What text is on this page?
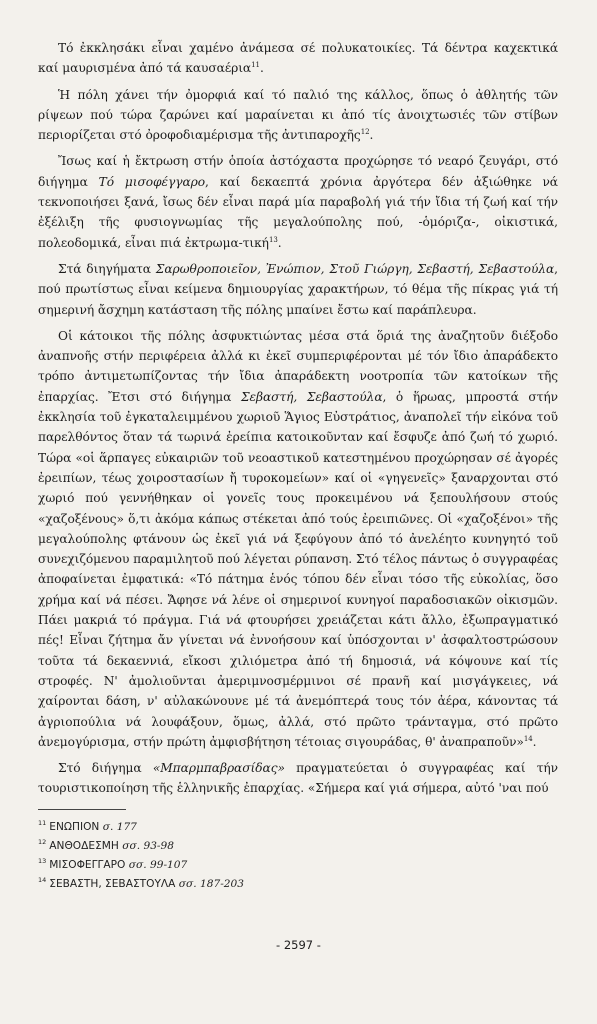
Τό ἐκκλησάκι εἶναι χαμένο ἀνάμεσα σέ πολυκατοικίες. Τά δέντρα καχεκτικά καί μαυρισμένα ἀπό τά καυσαέρια$^{11}$.

Ἡ πόλη χάνει τήν ὀμορφιά καί τό παλιό της κάλλος, ὅπως ὁ ἀθλητής τῶν ρίψεων πού τώρα ζαρώνει καί μαραίνεται κι ἀπό τίς ἀνοιχτωσιές τῶν στίβων περιορίζεται στό ὀροφοδιαμέρισμα τῆς ἀντιπαροχῆς$^{12}$.

Ἴσως καί ἡ ἔκτρωση στήν ὁποία ἀστόχαστα προχώρησε τό νεαρό ζευγάρι, στό διήγημα Τό μισοφέγγαρο, καί δεκαεπτά χρόνια ἀργότερα δέν ἀξιώθηκε νά τεκνοποιήσει ξανά, ἴσως δέν εἶναι παρά μία παραβολή γιά τήν ἴδια τή ζωή καί τήν ἐξέλιξη τῆς φυσιογνωμίας τῆς μεγαλούπολης πού, -ὁμόριζα-, οἰκιστικά, πολεοδομικά, εἶναι πιά ἐκτρωμα-τική$^{13}$.

Στά διηγήματα Σαρωθροποιεῖον, Ἐνώπιον, Στοῦ Γιώργη, Σεβαστή, Σεβαστούλα, πού πρωτίστως εἶναι κείμενα δημιουργίας χαρακτήρων, τό θέμα τῆς πίκρας γιά τή σημερινή ἄσχημη κατάσταση τῆς πόλης μπαίνει ἔστω καί παράπλευρα.

Οἱ κάτοικοι τῆς πόλης ἀσφυκτιώντας μέσα στά ὅριά της ἀναζητοῦν διέξοδο ἀναπνοῆς στήν περιφέρεια ἀλλά κι ἐκεῖ συμπεριφέρονται μέ τόν ἴδιο ἀπαράδεκτο τρόπο ἀντιμετωπίζοντας τήν ἴδια ἀπαράδεκτη νοοτροπία τῶν κατοίκων τῆς ἐπαρχίας. Ἔτσι στό διήγημα Σεβαστή, Σεβαστούλα, ὁ ἥρωας, μπροστά στήν ἐκκλησία τοῦ ἐγκαταλειμμένου χωριοῦ Ἅγιος Εὐστράτιος, ἀναπολεῖ τήν εἰκόνα τοῦ παρελθόντος ὅταν τά τωρινά ἐρείπια κατοικοῦνταν καί ἔσφυζε ἀπό ζωή τό χωριό. Τώρα «οἱ ἅρπαγες εὐκαιριῶν τοῦ νεοαστικοῦ κατεστημένου προχώρησαν σέ ἀγορές ἐρειπίων, τέως χοιροστασίων ἤ τυροκομείων» καί οἱ «γηγενεῖς» ξαναρχονται στό χωριό πού γεννήθηκαν οἱ γονεῖς τους προκειμένου νά ξεπουλήσουν στούς «χαζοξένους» ὅ,τι ἀκόμα κάπως στέκεται ἀπό τούς ἐρειπιῶνες. Οἱ «χαζοξένοι» τῆς μεγαλούπολης φτάνουν ὡς ἐκεῖ γιά νά ξεφύγουν ἀπό τό ἀνελέητο κυνηγητό τοῦ συνεχιζόμενου παραμιλητοῦ πού λέγεται ρύπανση. Στό τέλος πάντως ὁ συγγραφέας ἀποφαίνεται ἐμφατικά: «Τό πάτημα ἑνός τόπου δέν εἶναι τόσο τῆς εὐκολίας, ὅσο χρήμα καί νά πέσει. Ἄφησε νά λένε οἱ σημερινοί κυνηγοί παραδοσιακῶν οἰκισμῶν. Πάει μακριά τό πράγμα. Γιά νά φτουρήσει χρειάζεται κάτι ἄλλο, ἐξωπραγματικό πές! Εἶναι ζήτημα ἄν γίνεται νά ἐννοήσουν καί ὑπόσχονται ν' ἀσφαλτοστρώσουν τοῦτα τά δεκαεννιά, εἴκοσι χιλιόμετρα ἀπό τή δημοσιά, νά κόψουνε καί τίς στροφές. Ν' ἀμολιοῦνται ἀμεριμνοσμέρμινοι σέ πρανῆ καί μισγάγκειες, νά χαίρονται δάση, ν' αὐλακώνουνε μέ τά ἀνεμόπτερά τους τόν ἀέρα, κάνοντας τά ἀγριοπούλια νά λουφάξουν, ὅμως, ἀλλά, στό πρῶτο τράνταγμα, στό πρῶτο ἀνεμογύρισμα, στήν πρώτη ἀμφισβήτηση τέτοιας σιγουράδας, θ' ἀναπραποῦν»$^{14}$.

Στό διήγημα «Μπαρμπαβρασίδας» πραγματεύεται ὁ συγγραφέας καί τήν τουριστικοποίηση τῆς ἑλληνικῆς ἐπαρχίας. «Σήμερα καί γιά σήμερα, αὐτό 'ναι πού

$^{11}$ ΕΝΩΠΙΟΝ σ. 177
$^{12}$ ΑΝΘΟΔΕΣΜΗ σσ. 93-98
$^{13}$ ΜΙΣΟΦΕΓΓΑΡΟ σσ. 99-107
$^{14}$ ΣΕΒΑΣΤΗ, ΣΕΒΑΣΤΟΥΛΑ σσ. 187-203
- 2597 -
